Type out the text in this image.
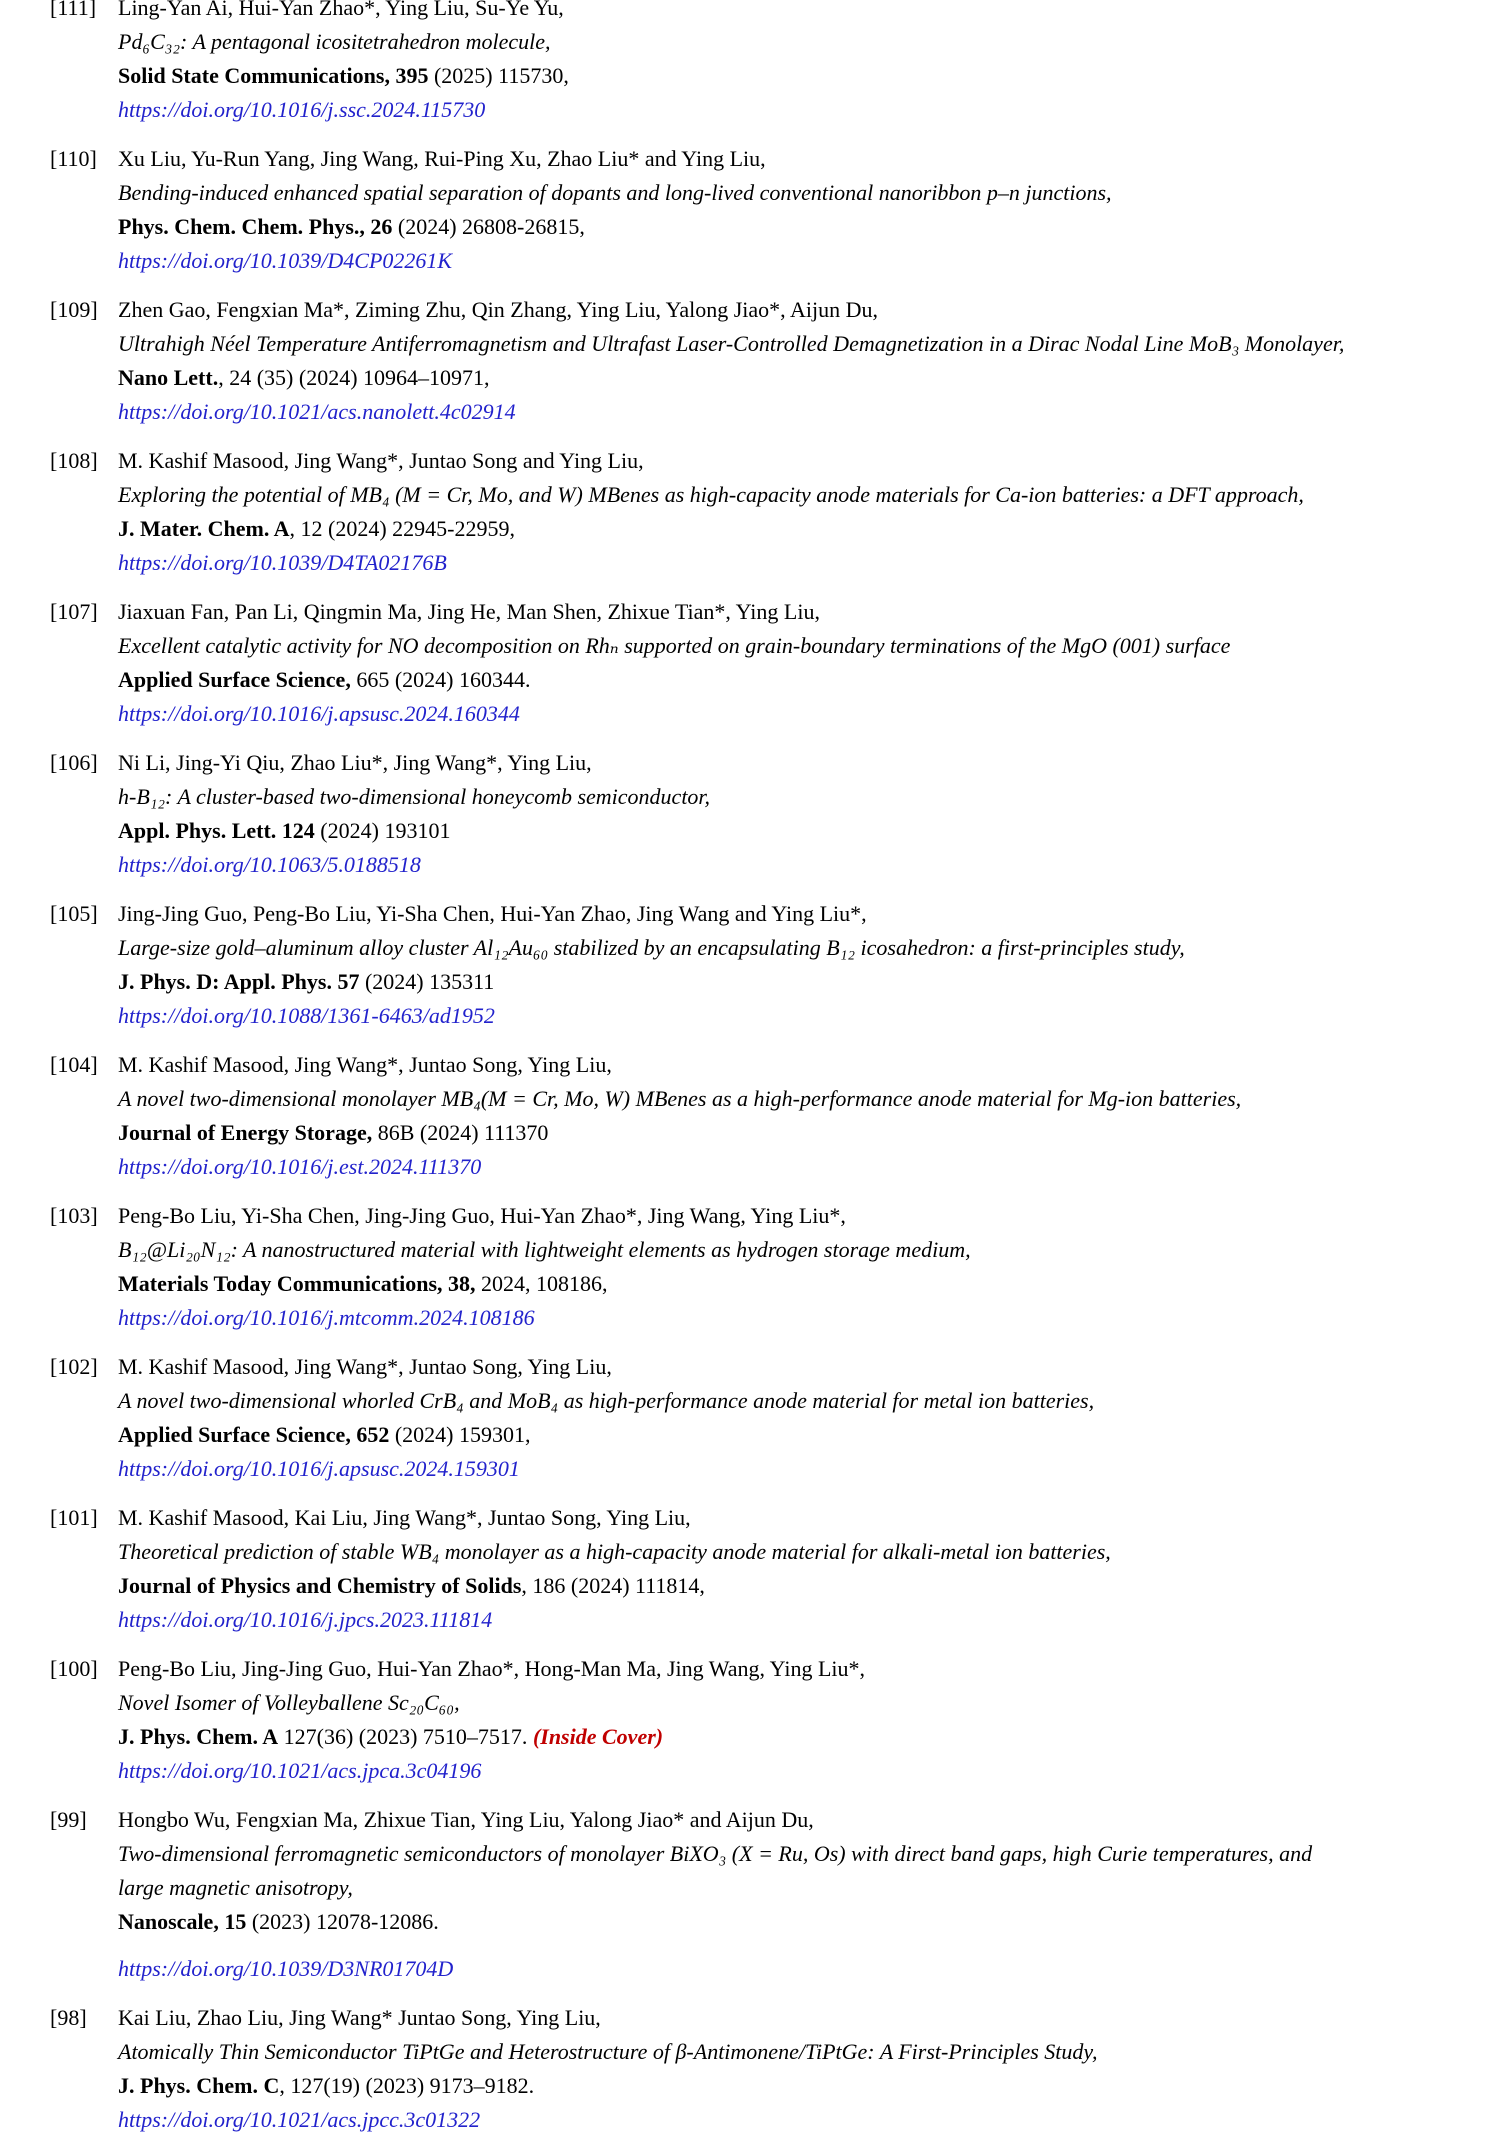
[111] Ling-Yan Ai, Hui-Yan Zhao*, Ying Liu, Su-Ye Yu,
Pd₆C₃₂: A pentagonal icositetrahedron molecule,
Solid State Communications, 395 (2025) 115730,
https://doi.org/10.1016/j.ssc.2024.115730
[110] Xu Liu, Yu-Run Yang, Jing Wang, Rui-Ping Xu, Zhao Liu* and Ying Liu,
Bending-induced enhanced spatial separation of dopants and long-lived conventional nanoribbon p–n junctions,
Phys. Chem. Chem. Phys., 26 (2024) 26808-26815,
https://doi.org/10.1039/D4CP02261K
[109] Zhen Gao, Fengxian Ma*, Ziming Zhu, Qin Zhang, Ying Liu, Yalong Jiao*, Aijun Du,
Ultrahigh Néel Temperature Antiferromagnetism and Ultrafast Laser-Controlled Demagnetization in a Dirac Nodal Line MoB₃ Monolayer,
Nano Lett., 24 (35) (2024) 10964–10971,
https://doi.org/10.1021/acs.nanolett.4c02914
[108] M. Kashif Masood, Jing Wang*, Juntao Song and Ying Liu,
Exploring the potential of MB₄ (M = Cr, Mo, and W) MBenes as high-capacity anode materials for Ca-ion batteries: a DFT approach,
J. Mater. Chem. A, 12 (2024) 22945-22959,
https://doi.org/10.1039/D4TA02176B
[107] Jiaxuan Fan, Pan Li, Qingmin Ma, Jing He, Man Shen, Zhixue Tian*, Ying Liu,
Excellent catalytic activity for NO decomposition on Rhₙ supported on grain-boundary terminations of the MgO (001) surface
Applied Surface Science, 665 (2024) 160344.
https://doi.org/10.1016/j.apsusc.2024.160344
[106] Ni Li, Jing-Yi Qiu, Zhao Liu*, Jing Wang*, Ying Liu,
h-B₁₂: A cluster-based two-dimensional honeycomb semiconductor,
Appl. Phys. Lett. 124 (2024) 193101
https://doi.org/10.1063/5.0188518
[105] Jing-Jing Guo, Peng-Bo Liu, Yi-Sha Chen, Hui-Yan Zhao, Jing Wang and Ying Liu*,
Large-size gold–aluminum alloy cluster Al₁₂Au₆₀ stabilized by an encapsulating B₁₂ icosahedron: a first-principles study,
J. Phys. D: Appl. Phys. 57 (2024) 135311
https://doi.org/10.1088/1361-6463/ad1952
[104] M. Kashif Masood, Jing Wang*, Juntao Song, Ying Liu,
A novel two-dimensional monolayer MB₄(M = Cr, Mo, W) MBenes as a high-performance anode material for Mg-ion batteries,
Journal of Energy Storage, 86B (2024) 111370
https://doi.org/10.1016/j.est.2024.111370
[103] Peng-Bo Liu, Yi-Sha Chen, Jing-Jing Guo, Hui-Yan Zhao*, Jing Wang, Ying Liu*,
B₁₂@Li₂₀N₁₂: A nanostructured material with lightweight elements as hydrogen storage medium,
Materials Today Communications, 38, 2024, 108186,
https://doi.org/10.1016/j.mtcomm.2024.108186
[102] M. Kashif Masood, Jing Wang*, Juntao Song, Ying Liu,
A novel two-dimensional whorled CrB₄ and MoB₄ as high-performance anode material for metal ion batteries,
Applied Surface Science, 652 (2024) 159301,
https://doi.org/10.1016/j.apsusc.2024.159301
[101] M. Kashif Masood, Kai Liu, Jing Wang*, Juntao Song, Ying Liu,
Theoretical prediction of stable WB₄ monolayer as a high-capacity anode material for alkali-metal ion batteries,
Journal of Physics and Chemistry of Solids, 186 (2024) 111814,
https://doi.org/10.1016/j.jpcs.2023.111814
[100] Peng-Bo Liu, Jing-Jing Guo, Hui-Yan Zhao*, Hong-Man Ma, Jing Wang, Ying Liu*,
Novel Isomer of Volleyballene Sc₂₀C₆₀,
J. Phys. Chem. A 127(36) (2023) 7510–7517. (Inside Cover)
https://doi.org/10.1021/acs.jpca.3c04196
[99] Hongbo Wu, Fengxian Ma, Zhixue Tian, Ying Liu, Yalong Jiao* and Aijun Du,
Two-dimensional ferromagnetic semiconductors of monolayer BiXO₃ (X = Ru, Os) with direct band gaps, high Curie temperatures, and
large magnetic anisotropy,
Nanoscale, 15 (2023) 12078-12086.
https://doi.org/10.1039/D3NR01704D
[98] Kai Liu, Zhao Liu, Jing Wang* Juntao Song, Ying Liu,
Atomically Thin Semiconductor TiPtGe and Heterostructure of β-Antimonene/TiPtGe: A First-Principles Study,
J. Phys. Chem. C, 127(19) (2023) 9173–9182.
https://doi.org/10.1021/acs.jpcc.3c01322
